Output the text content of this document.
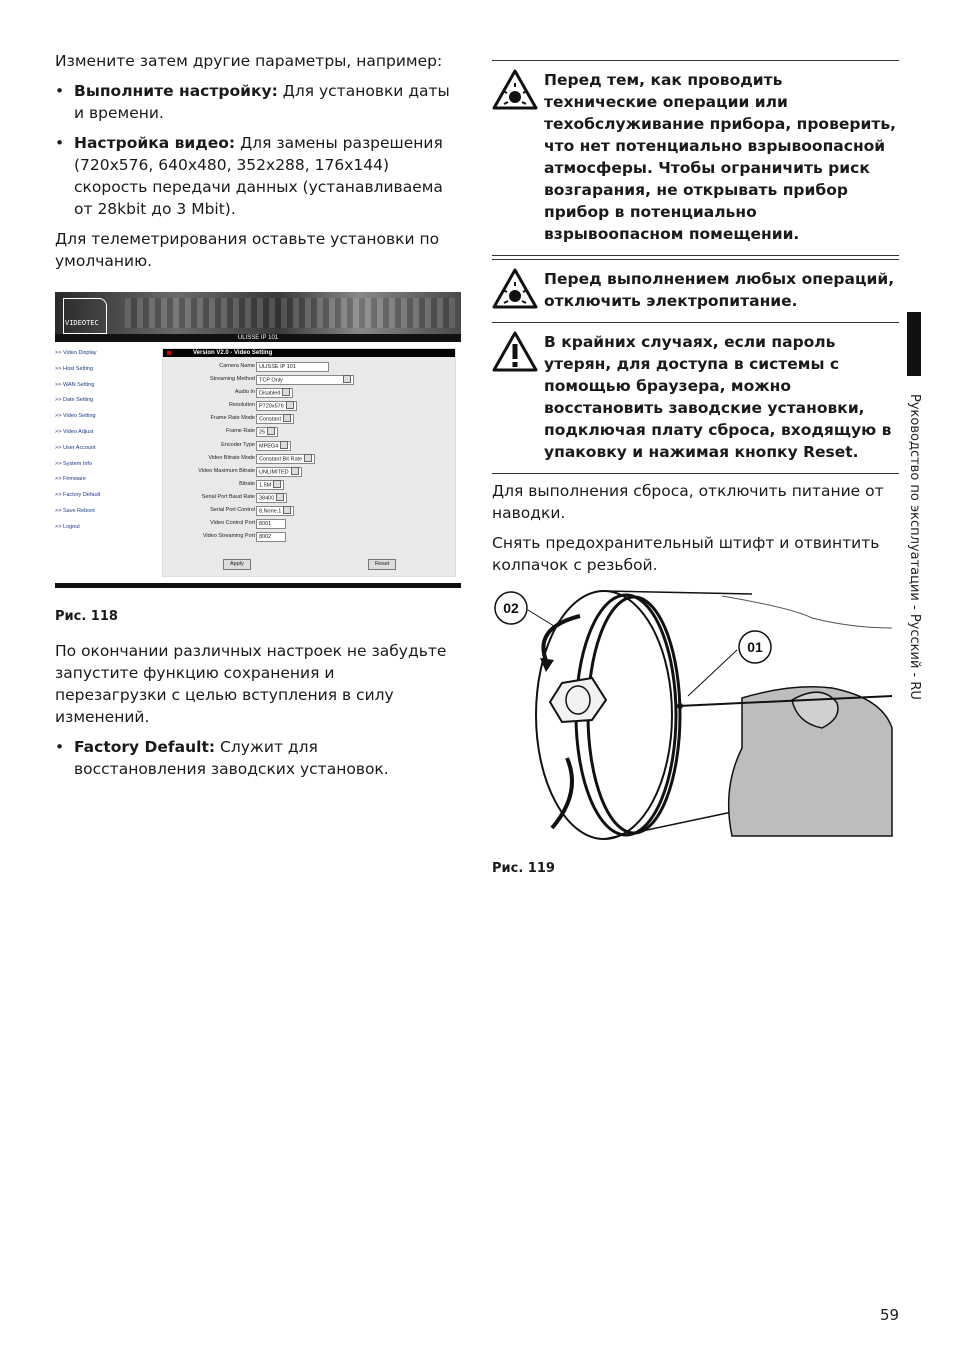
Измените затем другие параметры, например:

• Выполните настройку: Для установки даты и времени.
• Настройка видео: Для замены разрешения (720x576, 640x480, 352x288, 176x144) скорость передачи данных (устанавливаема от 28kbit до 3 Mbit).

Для телеметрирования оставьте установки по умолчанию.

VIDEOTEC
ULISSE IP 101
>> Video Display
>> Host Setting
>> WAN Setting
>> Date Setting
>> Video Setting
>> Video Adjust
>> User Account
>> System Info
>> Firmware
>> Factory Default
>> Save Reboot
>> Logout
Version V2.0 - Video Setting
Camera Name ULISSE IP 101
Streaming Method TCP Only
Audio In Disabled
Resolution P720x576
Frame Rate Mode Constant
Frame Rate 25
Encoder Type MPEG4
Video Bitrate Mode Constant Bit Rate
Video Maximum Bitrate UNLIMITED
Bitrate 1.5M
Serial Port Baud Rate 38400
Serial Port Control 8,None,1
Video Control Port 8001
Video Streaming Port 8002
Apply	Reset

Рис. 118

По окончании различных настроек не забудьте запустите функцию сохранения и перезагрузки с целью вступления в силу изменений.

• Factory Default: Служит для восстановления заводских установок.

Перед тем, как проводить технические операции или техобслуживание прибора, проверить, что нет потенциально взрывоопасной атмосферы. Чтобы ограничить риск возгарания, не открывать прибор прибор в потенциально взрывоопасном помещении.

Перед выполнением любых операций, отключить электропитание.

В крайних случаях, если пароль утерян, для доступа в системы с помощью браузера, можно восстановить заводские установки, подключая плату сброса, входящую в упаковку и нажимая кнопку Reset.

Для выполнения сброса, отключить питание от наводки.

Снять предохранительный штифт и отвинтить колпачок с резьбой.

02
01

Рис. 119

Руководство по эксплуатации - Русский - RU
59
